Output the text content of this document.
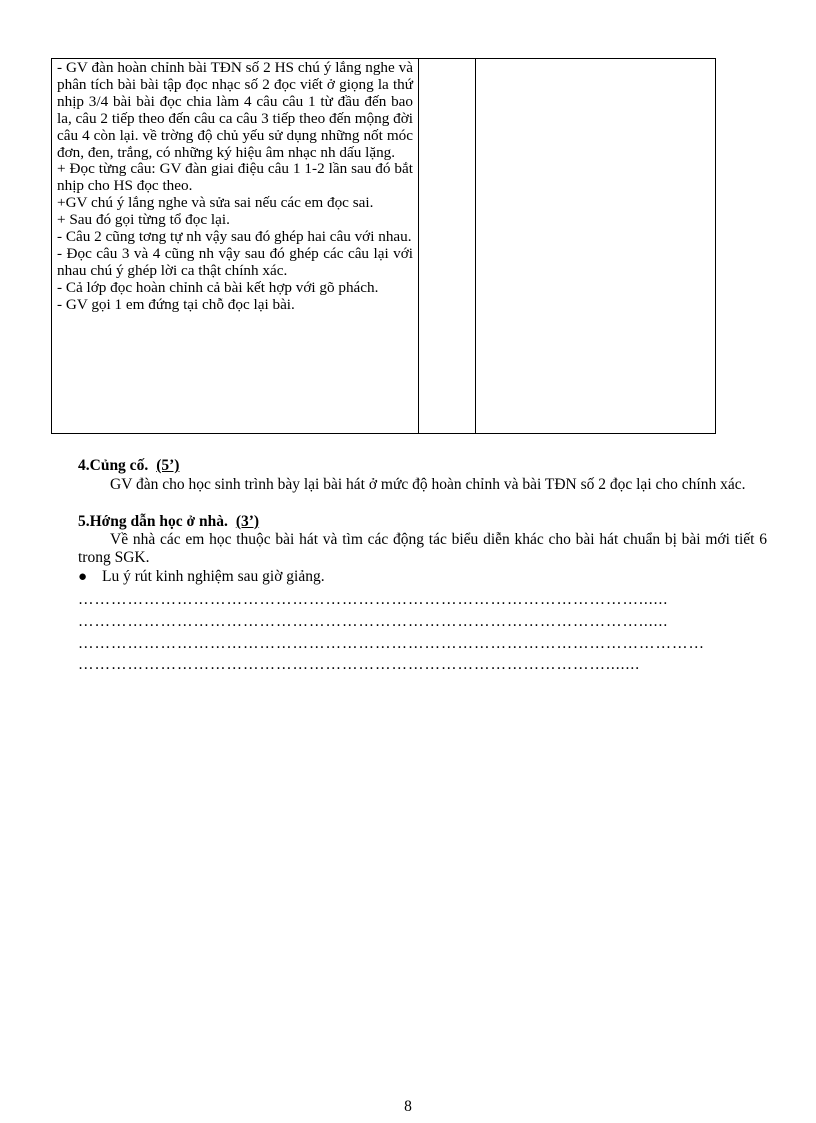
- GV đàn hoàn chỉnh bài TĐN số 2 HS chú ý lắng nghe và phân tích bài bài tập đọc nhạc số 2 đọc viết ở giọng la thứ nhịp 3/4 bài bài đọc chia làm 4 câu câu 1 từ đầu đến bao la, câu 2 tiếp theo đến câu ca câu 3 tiếp theo đến mộng đời câu 4 còn lại. về trờng độ chủ yếu sử dụng những nốt móc đơn, đen, trắng, có những ký hiệu âm nhạc nh dấu lặng.

+ Đọc từng câu: GV đàn giai điệu câu 1 1-2 lần sau đó bắt nhịp cho HS đọc theo.

+GV chú ý lắng nghe và sửa sai nếu các em đọc sai.

+ Sau đó gọi từng tổ đọc lại.

- Câu 2 cũng tơng tự nh vậy sau đó ghép hai câu với nhau.

- Đọc câu 3 và 4 cũng nh vậy sau đó ghép các câu lại với nhau chú ý ghép lời ca thật chính xác.

- Cả lớp đọc hoàn chỉnh cả bài kết hợp với gõ phách.

- GV gọi 1 em đứng tại chỗ đọc lại bài.

4.Củng cố. (5’)
GV đàn cho học sinh trình bày lại bài hát ở mức độ hoàn chỉnh và bài TĐN số 2 đọc lại cho chính xác.
5.Hớng dẫn học ở nhà. (3’)
Về nhà các em học thuộc bài hát và tìm các động tác biểu diễn khác cho bài hát chuẩn bị bài mới tiết 6 trong SGK.
● Lu ý rút kinh nghiệm sau giờ giảng.
…………………………………………………………………………………………......
…………………………………………………………………………………………......
……………………………………………………………………………………………………
…………………………………………………………………………………….......
8
